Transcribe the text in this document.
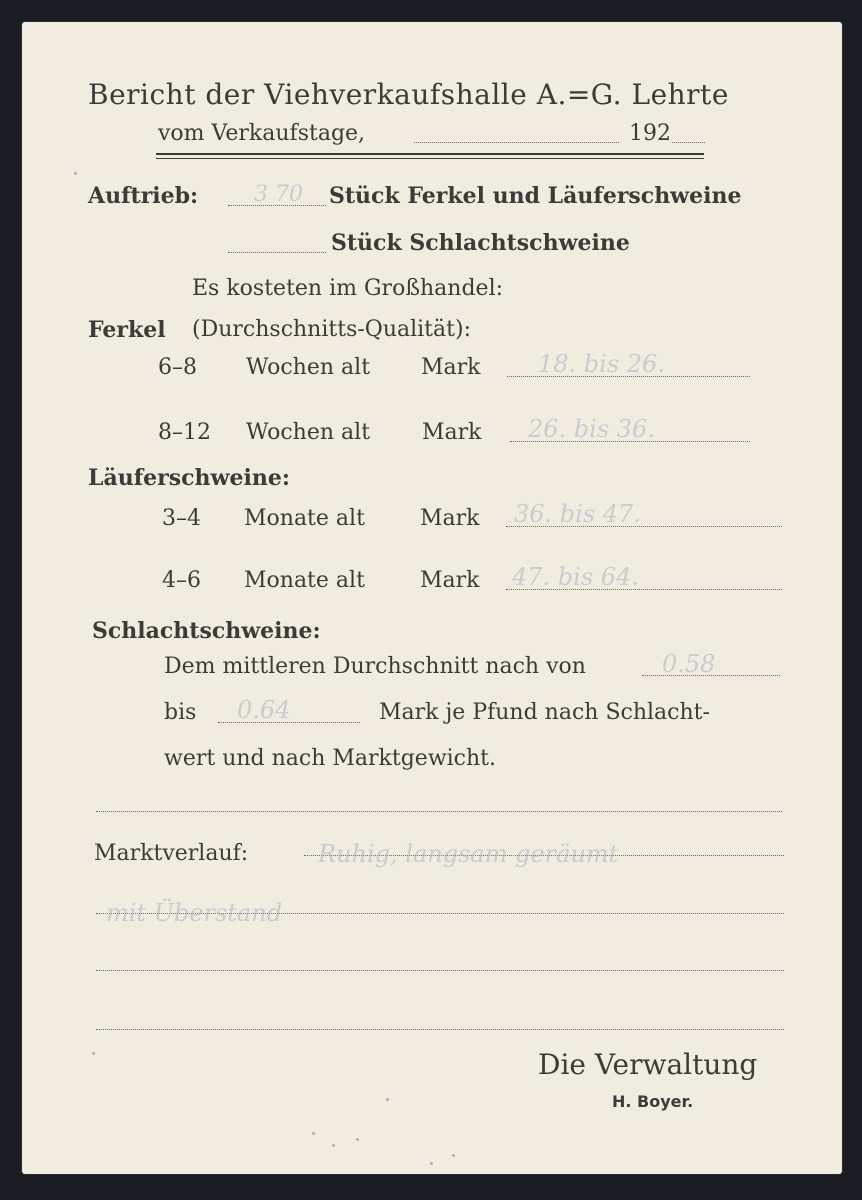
Bericht der Viehverkaufshalle A.=G. Lehrte
vom Verkaufstage,	192
Auftrieb:	3 70 Stück Ferkel und Läuferschweine
Stück Schlachtschweine
Es kosteten im Großhandel:
Ferkel (Durchschnitts-Qualität):
6–8 Wochen alt Mark 18. bis 26.
8–12 Wochen alt Mark 26. bis 36.
Läuferschweine:
3–4 Monate alt	Mark 36. bis 47.
4–6 Monate alt	Mark 47. bis 64.
Schlachtschweine:
Dem mittleren Durchschnitt nach von	0.58
bis 0.64	Mark je Pfund nach Schlacht-
wert und nach Marktgewicht.
Marktverlauf:	Ruhig, langsam geräumt
mit Überstand
Die Verwaltung
H. Boyer.
